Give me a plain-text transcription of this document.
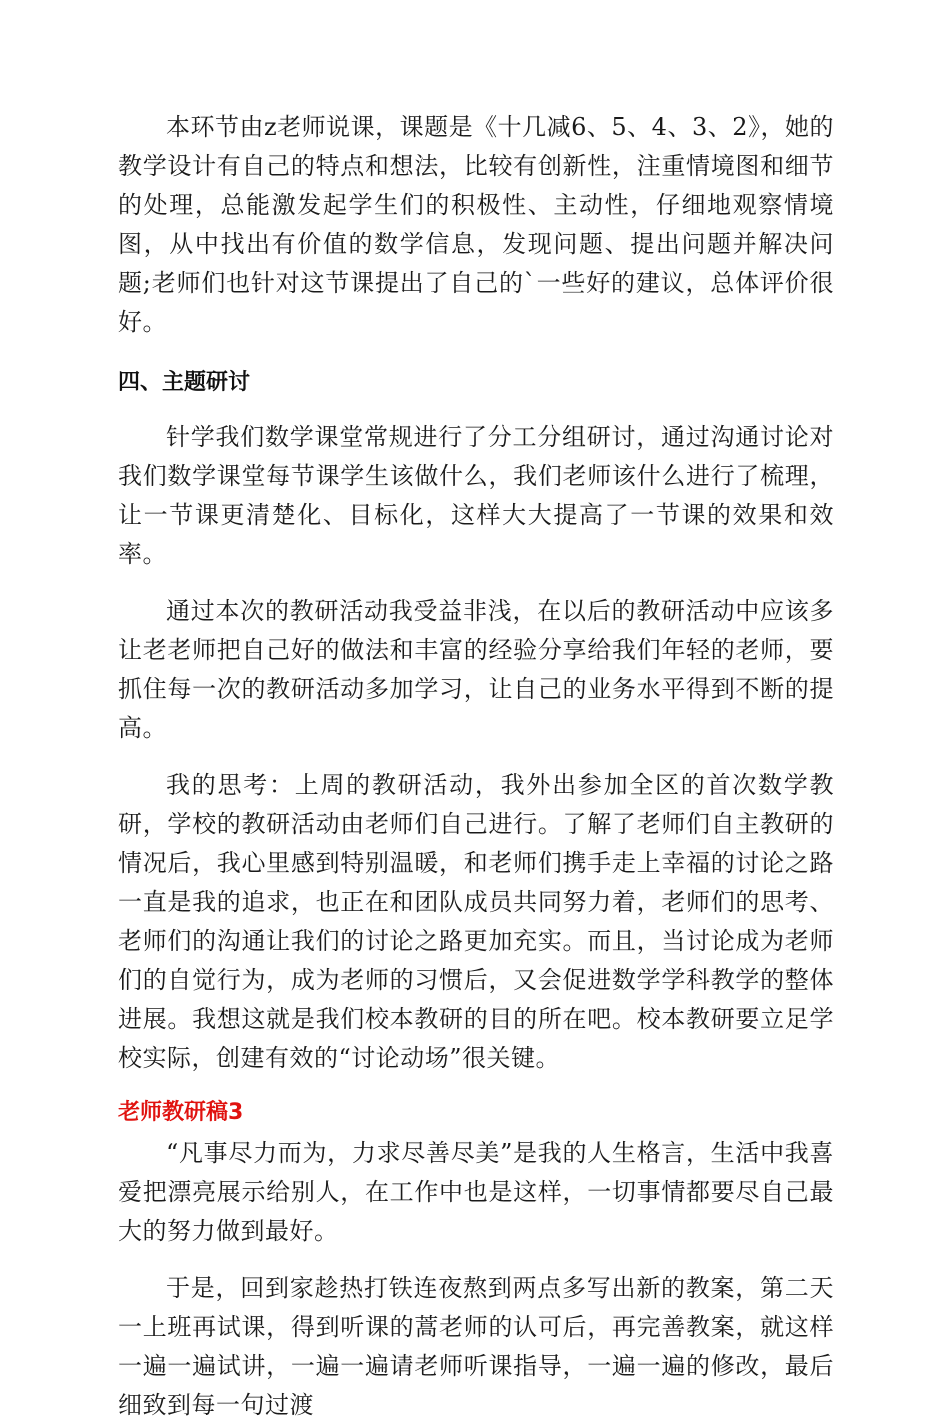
本环节由z老师说课，课题是《十几减6、5、4、3、2》，她的教学设计有自己的特点和想法，比较有创新性，注重情境图和细节的处理，总能激发起学生们的积极性、主动性，仔细地观察情境图，从中找出有价值的数学信息，发现问题、提出问题并解决问题;老师们也针对这节课提出了自己的`一些好的建议，总体评价很好。

四、主题研讨

针学我们数学课堂常规进行了分工分组研讨，通过沟通讨论对我们数学课堂每节课学生该做什么，我们老师该什么进行了梳理，让一节课更清楚化、目标化，这样大大提高了一节课的效果和效率。

通过本次的教研活动我受益非浅，在以后的教研活动中应该多让老老师把自己好的做法和丰富的经验分享给我们年轻的老师，要抓住每一次的教研活动多加学习，让自己的业务水平得到不断的提高。

我的思考：上周的教研活动，我外出参加全区的首次数学教研，学校的教研活动由老师们自己进行。了解了老师们自主教研的情况后，我心里感到特别温暖，和老师们携手走上幸福的讨论之路一直是我的追求，也正在和团队成员共同努力着，老师们的思考、老师们的沟通让我们的讨论之路更加充实。而且，当讨论成为老师们的自觉行为，成为老师的习惯后，又会促进数学学科教学的整体进展。我想这就是我们校本教研的目的所在吧。校本教研要立足学校实际，创建有效的“讨论动场”很关键。

老师教研稿3

“凡事尽力而为，力求尽善尽美”是我的人生格言，生活中我喜爱把漂亮展示给别人，在工作中也是这样，一切事情都要尽自己最大的努力做到最好。

于是，回到家趁热打铁连夜熬到两点多写出新的教案，第二天一上班再试课，得到听课的蒿老师的认可后，再完善教案，就这样一遍一遍试讲，一遍一遍请老师听课指导，一遍一遍的修改，最后细致到每一句过渡
